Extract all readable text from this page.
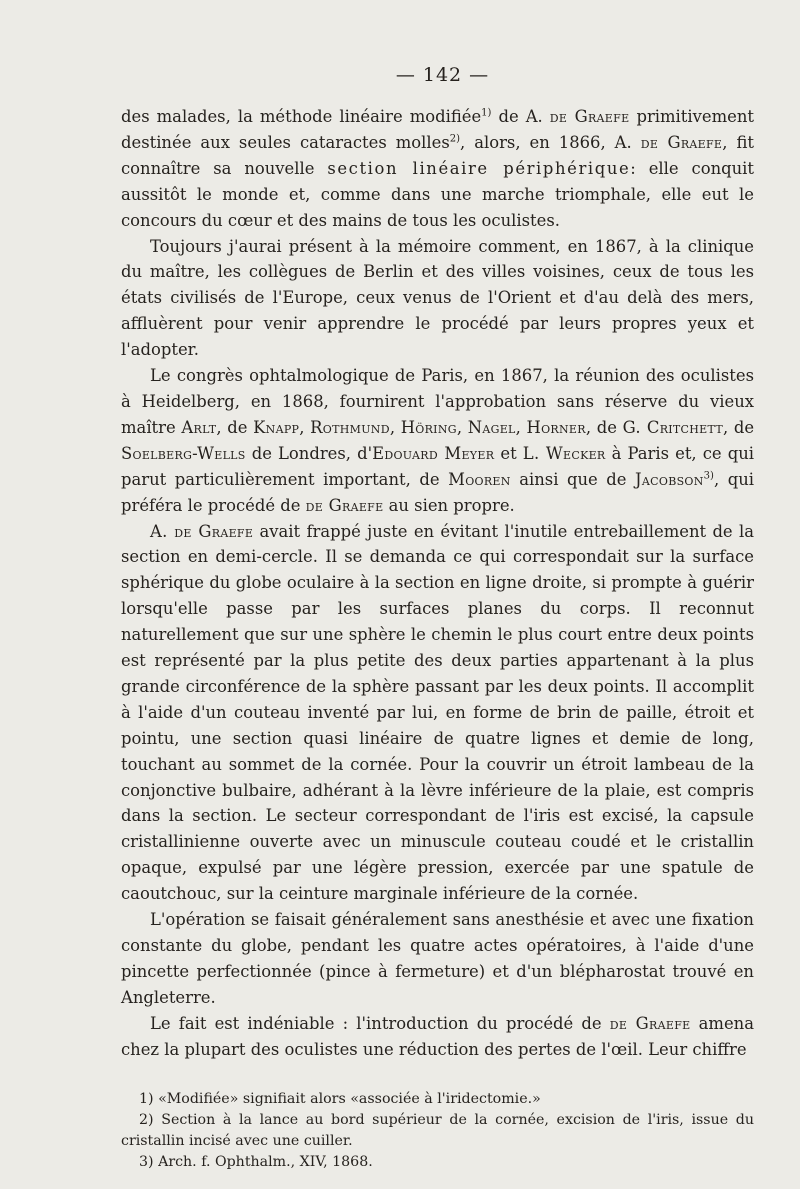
— 142 —

des malades, la méthode linéaire modifiée$^{1)}$ de A. de Graefe primitivement destinée aux seules cataractes molles$^{2)}$, alors, en 1866, A. de Graefe, fit connaître sa nouvelle section linéaire périphérique: elle conquit aussitôt le monde et, comme dans une marche triomphale, elle eut le concours du cœur et des mains de tous les oculistes.

Toujours j'aurai présent à la mémoire comment, en 1867, à la clinique du maître, les collègues de Berlin et des villes voisines, ceux de tous les états civilisés de l'Europe, ceux venus de l'Orient et d'au delà des mers, affluèrent pour venir apprendre le procédé par leurs propres yeux et l'adopter.

Le congrès ophtalmologique de Paris, en 1867, la réunion des oculistes à Heidelberg, en 1868, fournirent l'approbation sans réserve du vieux maître Arlt, de Knapp, Rothmund, Höring, Nagel, Horner, de G. Critchett, de Soelberg-Wells de Londres, d'Edouard Meyer et L. Wecker à Paris et, ce qui parut particulièrement important, de Mooren ainsi que de Jacobson$^{3)}$, qui préféra le procédé de de Graefe au sien propre.

A. de Graefe avait frappé juste en évitant l'inutile entrebaillement de la section en demi-cercle. Il se demanda ce qui correspondait sur la surface sphérique du globe oculaire à la section en ligne droite, si prompte à guérir lorsqu'elle passe par les surfaces planes du corps. Il reconnut naturellement que sur une sphère le chemin le plus court entre deux points est représenté par la plus petite des deux parties appartenant à la plus grande circonférence de la sphère passant par les deux points. Il accomplit à l'aide d'un couteau inventé par lui, en forme de brin de paille, étroit et pointu, une section quasi linéaire de quatre lignes et demie de long, touchant au sommet de la cornée. Pour la couvrir un étroit lambeau de la conjonctive bulbaire, adhérant à la lèvre inférieure de la plaie, est compris dans la section. Le secteur correspondant de l'iris est excisé, la capsule cristallinienne ouverte avec un minuscule couteau coudé et le cristallin opaque, expulsé par une légère pression, exercée par une spatule de caoutchouc, sur la ceinture marginale inférieure de la cornée.

L'opération se faisait généralement sans anesthésie et avec une fixation constante du globe, pendant les quatre actes opératoires, à l'aide d'une pincette perfectionnée (pince à fermeture) et d'un blépharostat trouvé en Angleterre.

Le fait est indéniable : l'introduction du procédé de de Graefe amena chez la plupart des oculistes une réduction des pertes de l'œil. Leur chiffre

1) «Modifiée» signifiait alors «associée à l'iridectomie.»

2) Section à la lance au bord supérieur de la cornée, excision de l'iris, issue du cristallin incisé avec une cuiller.

3) Arch. f. Ophthalm., XIV, 1868.
